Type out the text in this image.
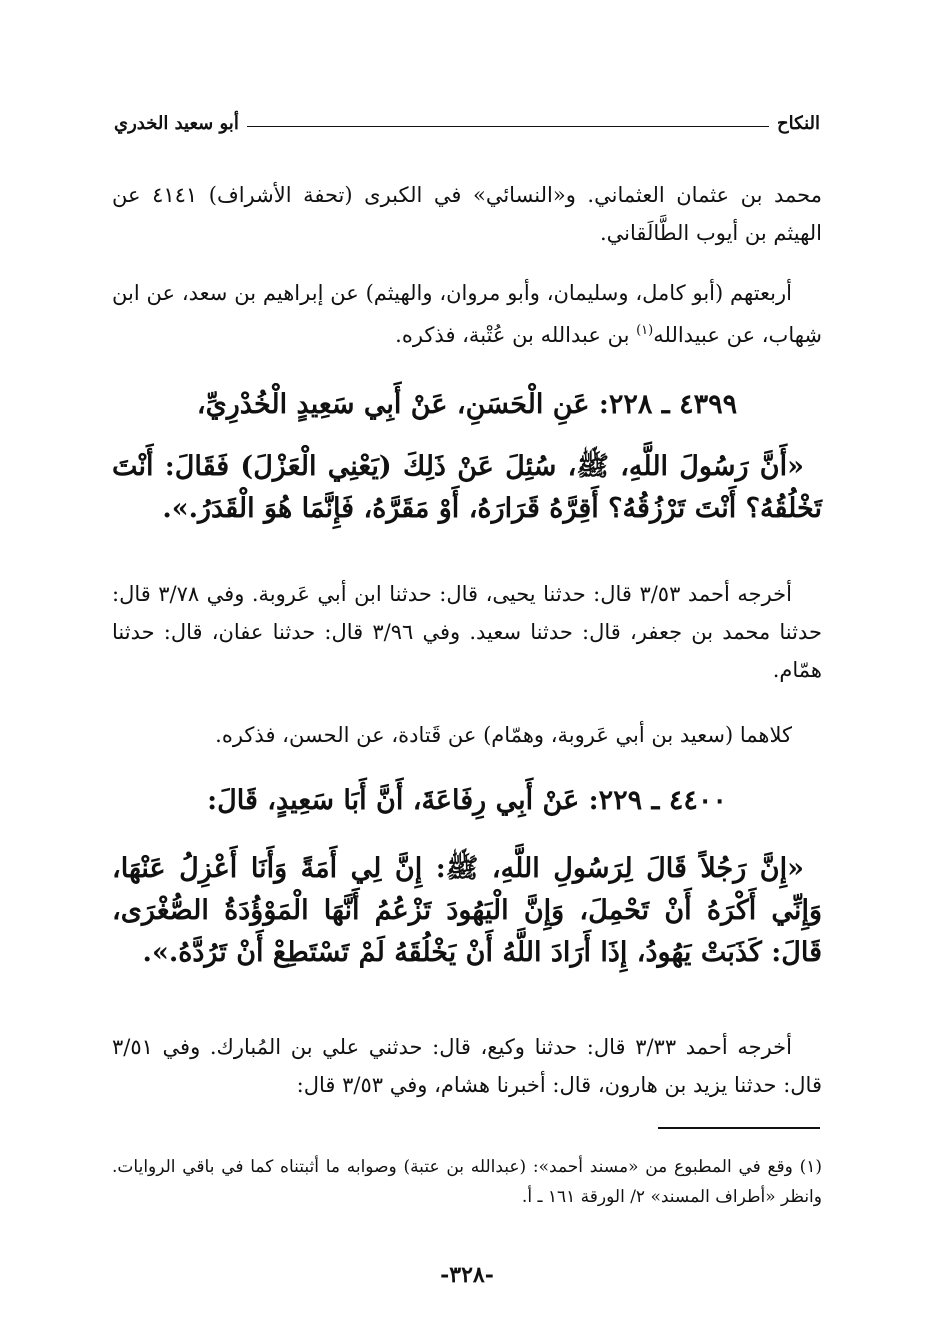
النكاح
أبو سعيد الخدري
محمد بن عثمان العثماني. و«النسائي» في الكبرى (تحفة الأشراف) ٤١٤١ عن الهيثم بن أيوب الطَّالَقاني.
أربعتهم (أبو كامل، وسليمان، وأبو مروان، والهيثم) عن إبراهيم بن سعد، عن ابن شِهاب، عن عبيدالله$^{(١)}$ بن عبدالله بن عُتْبة، فذكره.
٤٣٩٩ ـ ٢٢٨: عَنِ الْحَسَنِ، عَنْ أَبِي سَعِيدٍ الْخُدْرِيِّ،
«أَنَّ رَسُولَ اللَّهِ، ﷺ، سُئِلَ عَنْ ذَلِكَ (يَعْنِي الْعَزْلَ) فَقَالَ: أَنْتَ تَخْلُقُهُ؟ أَنْتَ تَرْزُقُهُ؟ أَقِرَّهُ قَرَارَهُ، أَوْ مَقَرَّهُ، فَإِنَّمَا هُوَ الْقَدَرُ.».
أخرجه أحمد ٣/٥٣ قال: حدثنا يحيى، قال: حدثنا ابن أبي عَروبة. وفي ٣/٧٨ قال: حدثنا محمد بن جعفر، قال: حدثنا سعيد. وفي ٣/٩٦ قال: حدثنا عفان، قال: حدثنا همّام.
كلاهما (سعيد بن أبي عَروبة، وهمّام) عن قَتادة، عن الحسن، فذكره.
٤٤٠٠ ـ ٢٢٩: عَنْ أَبِي رِفَاعَةَ، أَنَّ أَبَا سَعِيدٍ، قَالَ:
«إِنَّ رَجُلاً قَالَ لِرَسُولِ اللَّهِ، ﷺ: إِنَّ لِي أَمَةً وَأَنَا أَعْزِلُ عَنْهَا، وَإِنِّي أَكْرَهُ أَنْ تَحْمِلَ، وَإِنَّ الْيَهُودَ تَزْعُمُ أَنَّهَا الْمَوْؤُدَةُ الصُّغْرَى، قَالَ: كَذَبَتْ يَهُودُ، إِذَا أَرَادَ اللَّهُ أَنْ يَخْلُقَهُ لَمْ تَسْتَطِعْ أَنْ تَرُدَّهُ.».
أخرجه أحمد ٣/٣٣ قال: حدثنا وكيع، قال: حدثني علي بن المُبارك. وفي ٣/٥١ قال: حدثنا يزيد بن هارون، قال: أخبرنا هشام، وفي ٣/٥٣ قال:
(١) وقع في المطبوع من «مسند أحمد»: (عبدالله بن عتبة) وصوابه ما أثبتناه كما في باقي الروايات. وانظر «أطراف المسند» ٢/ الورقة ١٦١ ـ أ.
-٣٢٨-
